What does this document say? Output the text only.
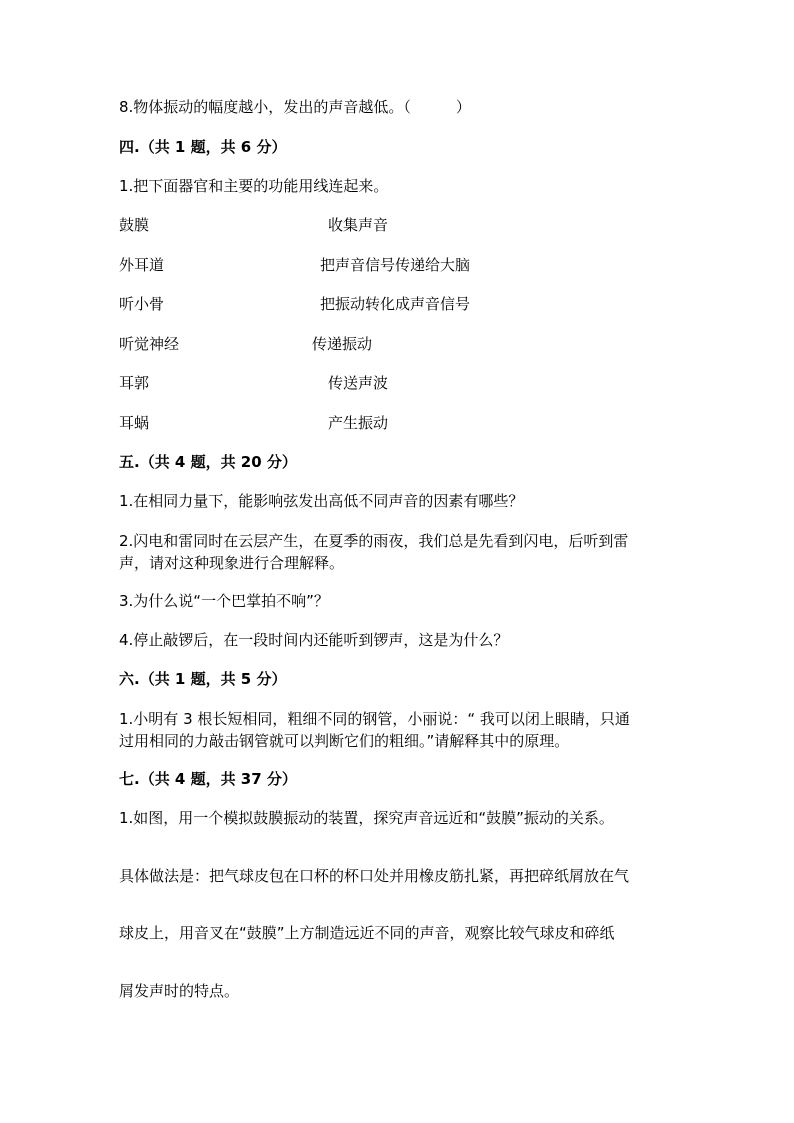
8.物体振动的幅度越小，发出的声音越低。（　　　）
四.（共 1 题，共 6 分）
1.把下面器官和主要的功能用线连起来。
鼓膜	收集声音
外耳道	把声音信号传递给大脑
听小骨	把振动转化成声音信号
听觉神经	传递振动
耳郭	传送声波
耳蜗	产生振动
五.（共 4 题，共 20 分）
1.在相同力量下，能影响弦发出高低不同声音的因素有哪些？
2.闪电和雷同时在云层产生，在夏季的雨夜，我们总是先看到闪电，后听到雷
声，请对这种现象进行合理解释。
3.为什么说“一个巴掌拍不响”？
4.停止敲锣后，在一段时间内还能听到锣声，这是为什么？
六.（共 1 题，共 5 分）
1.小明有 3 根长短相同，粗细不同的钢管，小丽说：“ 我可以闭上眼睛，只通
过用相同的力敲击钢管就可以判断它们的粗细。”请解释其中的原理。
七.（共 4 题，共 37 分）
1.如图，用一个模拟鼓膜振动的装置，探究声音远近和“鼓膜”振动的关系。
具体做法是：把气球皮包在口杯的杯口处并用橡皮筋扎紧，再把碎纸屑放在气
球皮上，用音叉在“鼓膜”上方制造远近不同的声音，观察比较气球皮和碎纸
屑发声时的特点。
